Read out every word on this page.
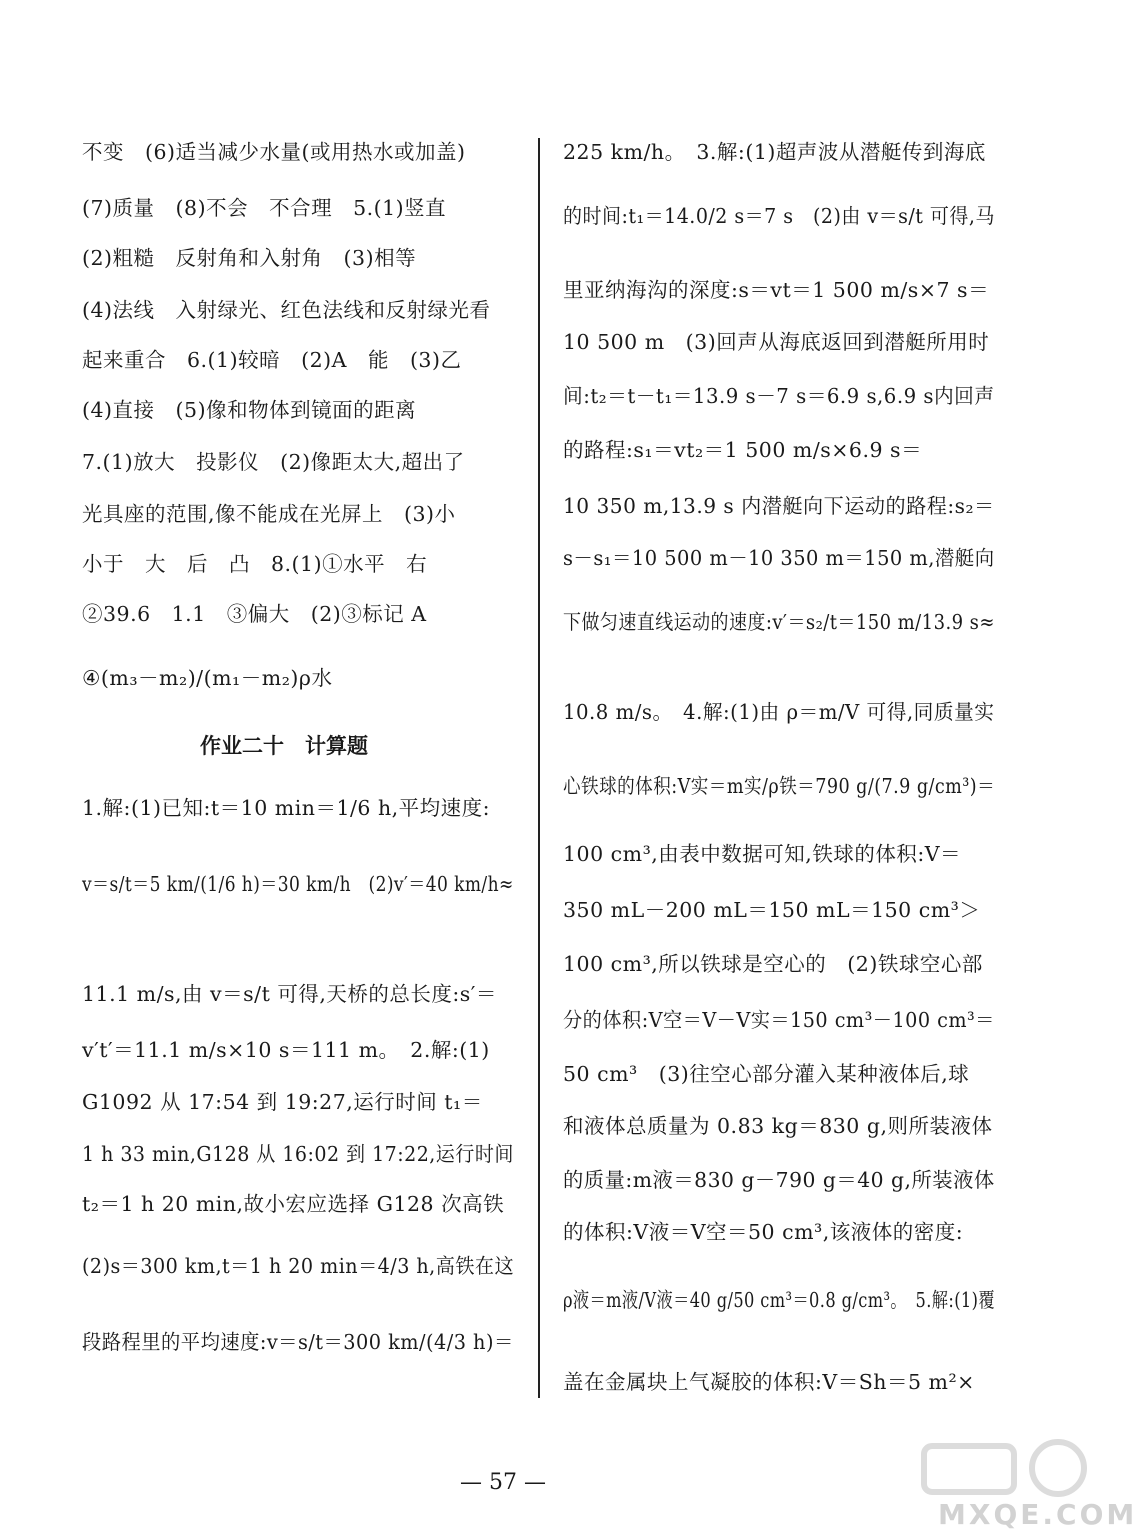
不变　(6)适当减少水量(或用热水或加盖)
(7)质量　(8)不会　不合理　5.(1)竖直
(2)粗糙　反射角和入射角　(3)相等
(4)法线　入射绿光、红色法线和反射绿光看
起来重合　6.(1)较暗　(2)A　能　(3)乙
(4)直接　(5)像和物体到镜面的距离
7.(1)放大　投影仪　(2)像距太大,超出了
光具座的范围,像不能成在光屏上　(3)小
小于　大　后　凸　8.(1)①水平　右
②39.6　1.1　③偏大　(2)③标记 A
④(m₃－m₂)/(m₁－m₂)ρ水
作业二十　计算题
1.解:(1)已知:t＝10 min＝1/6 h,平均速度:
v＝s/t＝5 km/(1/6 h)＝30 km/h　(2)v′＝40 km/h≈
11.1 m/s,由 v＝s/t 可得,天桥的总长度:s′＝
v′t′＝11.1 m/s×10 s＝111 m。　2.解:(1)
G1092 从 17:54 到 19:27,运行时间 t₁＝
1 h 33 min,G128 从 16:02 到 17:22,运行时间
t₂＝1 h 20 min,故小宏应选择 G128 次高铁
(2)s＝300 km,t＝1 h 20 min＝4/3 h,高铁在这
段路程里的平均速度:v＝s/t＝300 km/(4/3 h)＝
225 km/h。　3.解:(1)超声波从潜艇传到海底
的时间:t₁＝14.0/2 s＝7 s　(2)由 v＝s/t 可得,马
里亚纳海沟的深度:s＝vt＝1 500 m/s×7 s＝
10 500 m　(3)回声从海底返回到潜艇所用时
间:t₂＝t－t₁＝13.9 s－7 s＝6.9 s,6.9 s内回声
的路程:s₁＝vt₂＝1 500 m/s×6.9 s＝
10 350 m,13.9 s 内潜艇向下运动的路程:s₂＝
s－s₁＝10 500 m－10 350 m＝150 m,潜艇向
下做匀速直线运动的速度:v′＝s₂/t＝150 m/13.9 s≈
10.8 m/s。　4.解:(1)由 ρ＝m/V 可得,同质量实
心铁球的体积:V实＝m实/ρ铁＝790 g/(7.9 g/cm³)＝
100 cm³,由表中数据可知,铁球的体积:V＝
350 mL－200 mL＝150 mL＝150 cm³＞
100 cm³,所以铁球是空心的　(2)铁球空心部
分的体积:V空＝V－V实＝150 cm³－100 cm³＝
50 cm³　(3)往空心部分灌入某种液体后,球
和液体总质量为 0.83 kg＝830 g,则所装液体
的质量:m液＝830 g－790 g＝40 g,所装液体
的体积:V液＝V空＝50 cm³,该液体的密度:
ρ液＝m液/V液＝40 g/50 cm³＝0.8 g/cm³。　5.解:(1)覆
盖在金属块上气凝胶的体积:V＝Sh＝5 m²×
— 57 —
MXQE.COM
